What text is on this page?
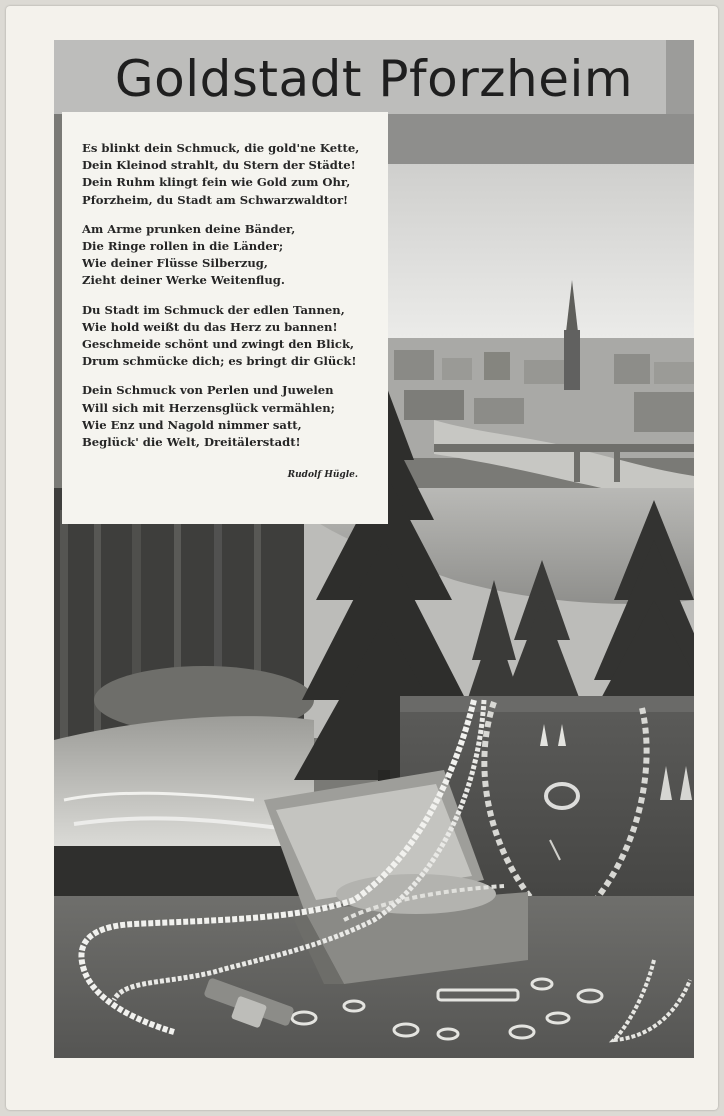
Goldstadt Pforzheim
Es blinkt dein Schmuck, die gold'ne Kette,
Dein Kleinod strahlt, du Stern der Städte!
Dein Ruhm klingt fein wie Gold zum Ohr,
Pforzheim, du Stadt am Schwarzwaldtor!
Am Arme prunken deine Bänder,
Die Ringe rollen in die Länder;
Wie deiner Flüsse Silberzug,
Zieht deiner Werke Weitenflug.
Du Stadt im Schmuck der edlen Tannen,
Wie hold weißt du das Herz zu bannen!
Geschmeide schönt und zwingt den Blick,
Drum schmücke dich; es bringt dir Glück!
Dein Schmuck von Perlen und Juwelen
Will sich mit Herzensglück vermählen;
Wie Enz und Nagold nimmer satt,
Beglück' die Welt, Dreitälerstadt!
Rudolf Hügle.
